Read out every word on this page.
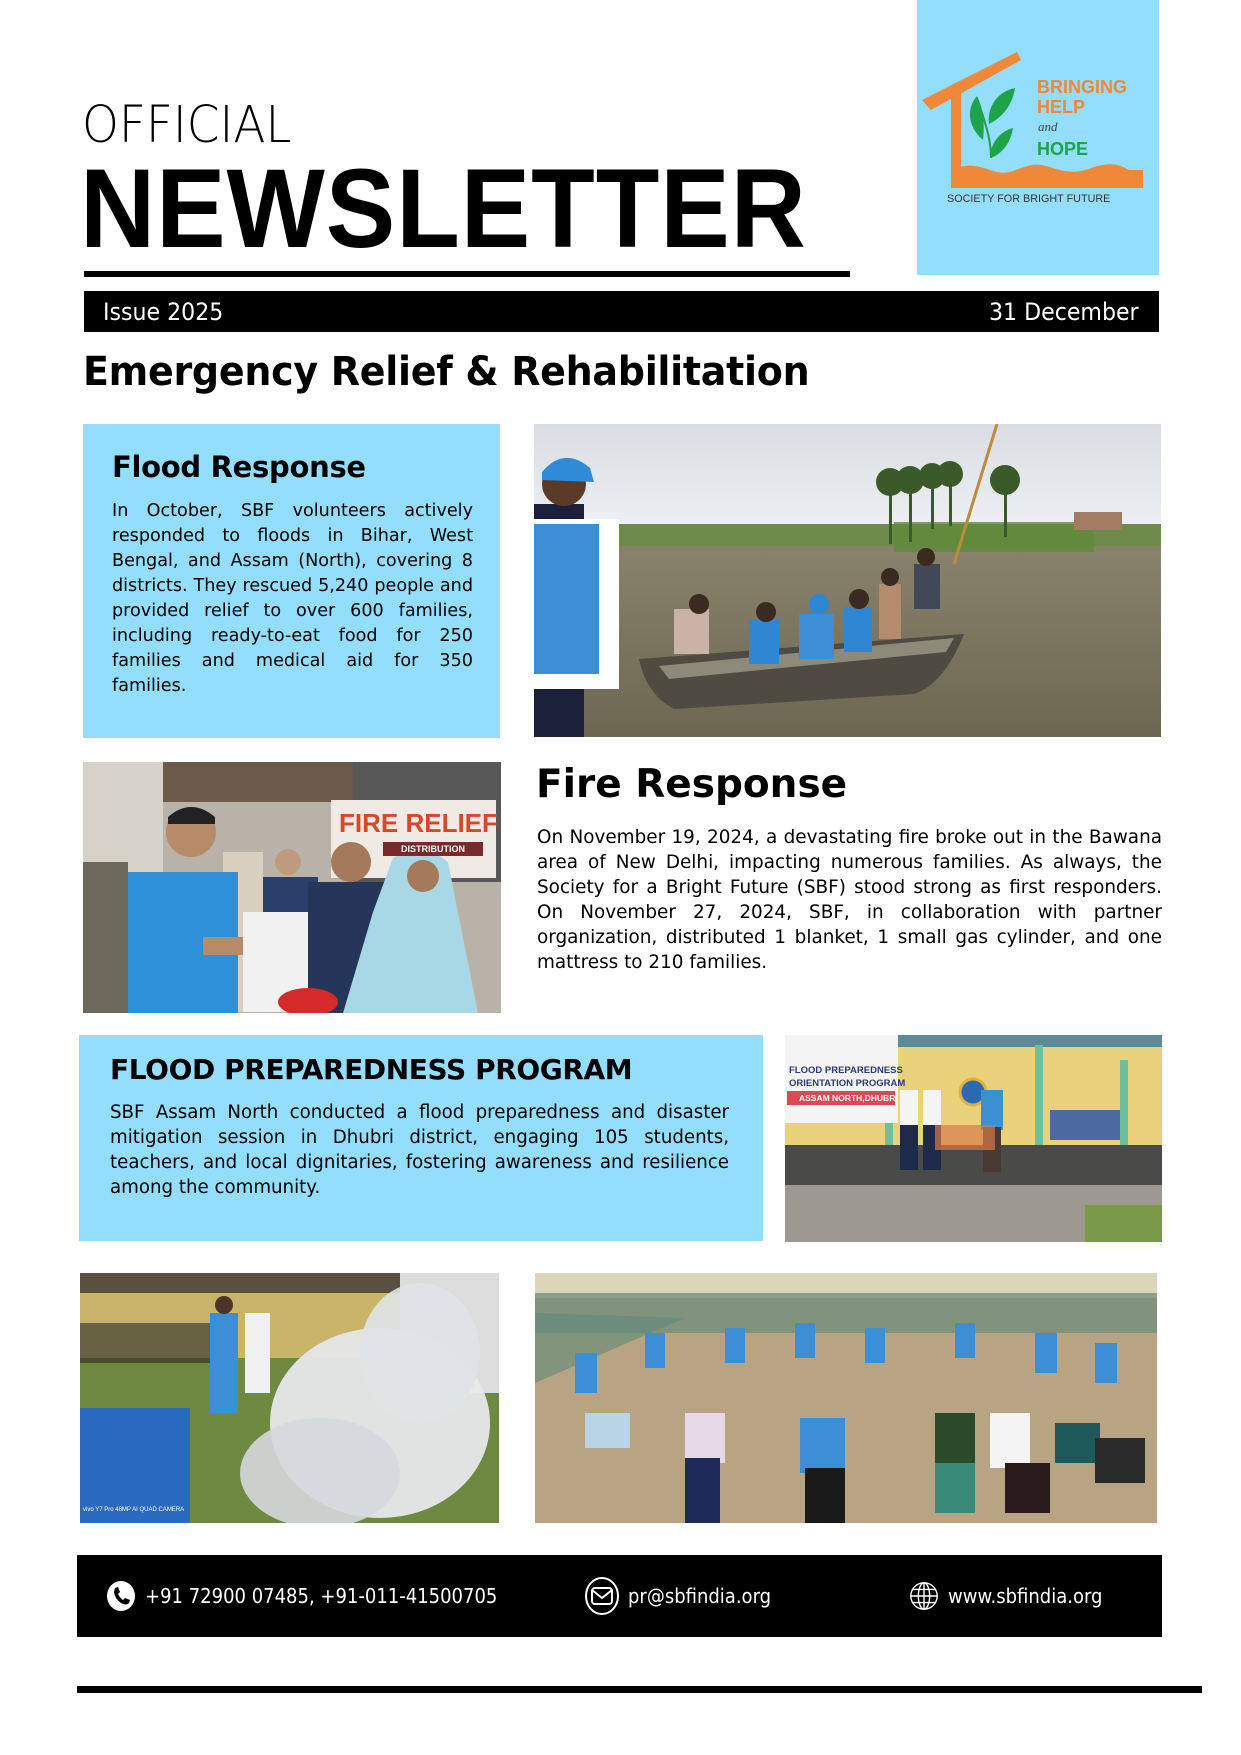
OFFICIAL
NEWSLETTER
BRINGING
HELP
and
HOPE
SOCIETY FOR BRIGHT FUTURE
Issue 2025	31 December
Emergency Relief & Rehabilitation
Flood Response
In October, SBF volunteers actively responded to floods in Bihar, West Bengal, and Assam (North), covering 8 districts. They rescued 5,240 people and provided relief to over 600 families, including ready-to-eat food for 250 families and medical aid for 350 families.
FIRE RELIEF
DISTRIBUTION
Fire Response
On November 19, 2024, a devastating fire broke out in the Bawana area of New Delhi, impacting numerous families. As always, the Society for a Bright Future (SBF) stood strong as first responders. On November 27, 2024, SBF, in collaboration with partner organization, distributed 1 blanket, 1 small gas cylinder, and one mattress to 210 families.
FLOOD PREPAREDNESS PROGRAM
SBF Assam North conducted a flood preparedness and disaster mitigation session in Dhubri district, engaging 105 students, teachers, and local dignitaries, fostering awareness and resilience among the community.
FLOOD PREPAREDNESS
ORIENTATION PROGRAM
ASSAM NORTH,DHUBRI
vivo Y7 Pro 48MP AI QUAD CAMERA
+91 72900 07485, +91-011-41500705	pr@sbfindia.org	www.sbfindia.org
